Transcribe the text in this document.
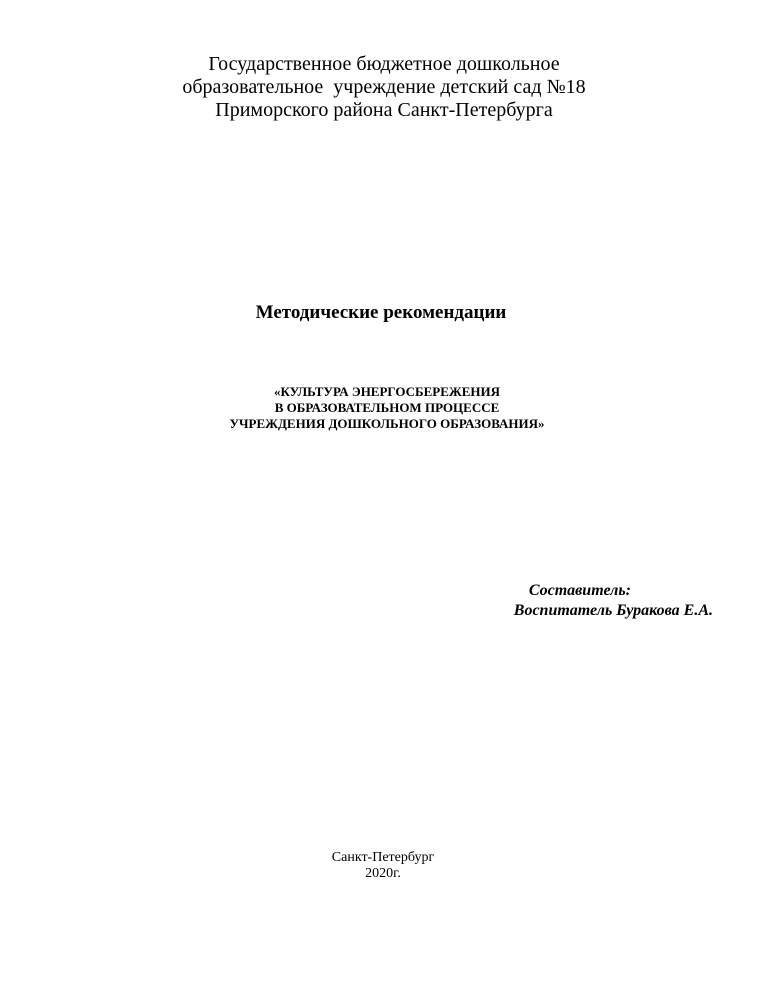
Государственное бюджетное дошкольное
образовательное  учреждение детский сад №18
Приморского района Санкт-Петербурга
Методические рекомендации
«КУЛЬТУРА ЭНЕРГОСБЕРЕЖЕНИЯ
В ОБРАЗОВАТЕЛЬНОМ ПРОЦЕССЕ
УЧРЕЖДЕНИЯ ДОШКОЛЬНОГО ОБРАЗОВАНИЯ»
Составитель:
Воспитатель Буракова Е.А.
Санкт-Петербург
2020г.
